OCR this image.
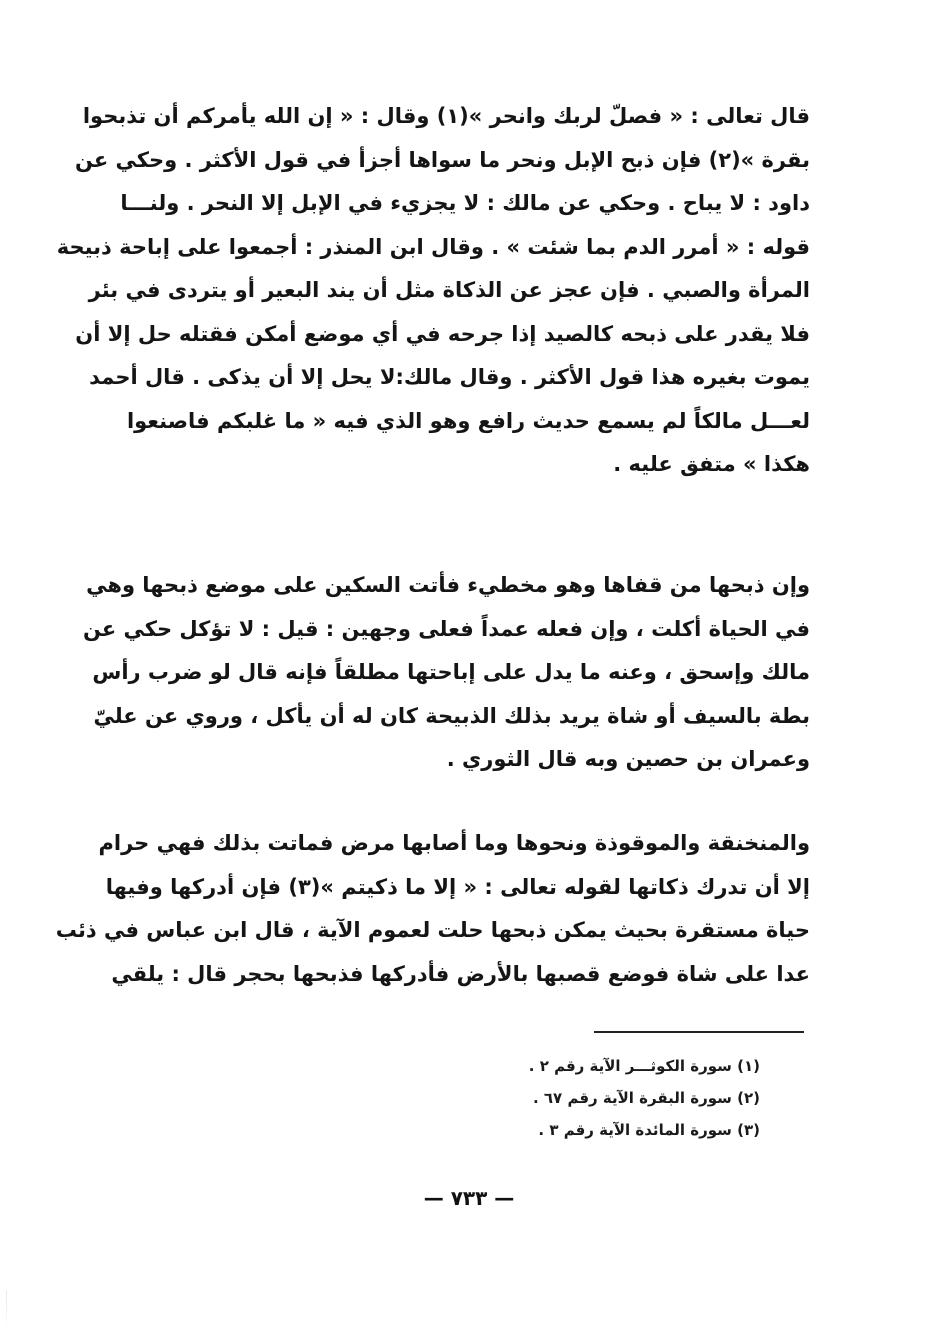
قال تعالى : « فصلّ لربك وانحر »(١) وقال : « إن الله يأمركم أن تذبحوا
بقرة »(٢) فإن ذبح الإبل ونحر ما سواها أجزأ في قول الأكثر . وحكي عن
داود : لا يباح . وحكي عن مالك : لا يجزيء في الإبل إلا النحر . ولنـــا
قوله : « أمرر الدم بما شئت » . وقال ابن المنذر : أجمعوا على إباحة ذبيحة
المرأة والصبي . فإن عجز عن الذكاة مثل أن يند البعير أو يتردى في بئر
فلا يقدر على ذبحه كالصيد إذا جرحه في أي موضع أمكن فقتله حل إلا أن
يموت بغيره هذا قول الأكثر . وقال مالك:لا يحل إلا أن يذكى . قال أحمد
لعـــل مالكاً لم يسمع حديث رافع وهو الذي فيه « ما غلبكم فاصنعوا
هكذا » متفق عليه .
وإن ذبحها من قفاها وهو مخطيء فأتت السكين على موضع ذبحها وهي
في الحياة أكلت ، وإن فعله عمداً فعلى وجهين : قيل : لا تؤكل حكي عن
مالك وإسحق ، وعنه ما يدل على إباحتها مطلقاً فإنه قال لو ضرب رأس
بطة بالسيف أو شاة يريد بذلك الذبيحة كان له أن يأكل ، وروي عن عليّ
وعمران بن حصين وبه قال الثوري .
والمنخنقة والموقوذة ونحوها وما أصابها مرض فماتت بذلك فهي حرام
إلا أن تدرك ذكاتها لقوله تعالى : « إلا ما ذكيتم »(٣) فإن أدركها وفيها
حياة مستقرة بحيث يمكن ذبحها حلت لعموم الآية ، قال ابن عباس في ذئب
عدا على شاة فوضع قصبها بالأرض فأدركها فذبحها بحجر قال : يلقي
(١) سورة الكوثـــر الآية رقم ٢ .
(٢) سورة البقرة الآية رقم ٦٧ .
(٣) سورة المائدة الآية رقم ٣ .
— ٧٣٣ —
